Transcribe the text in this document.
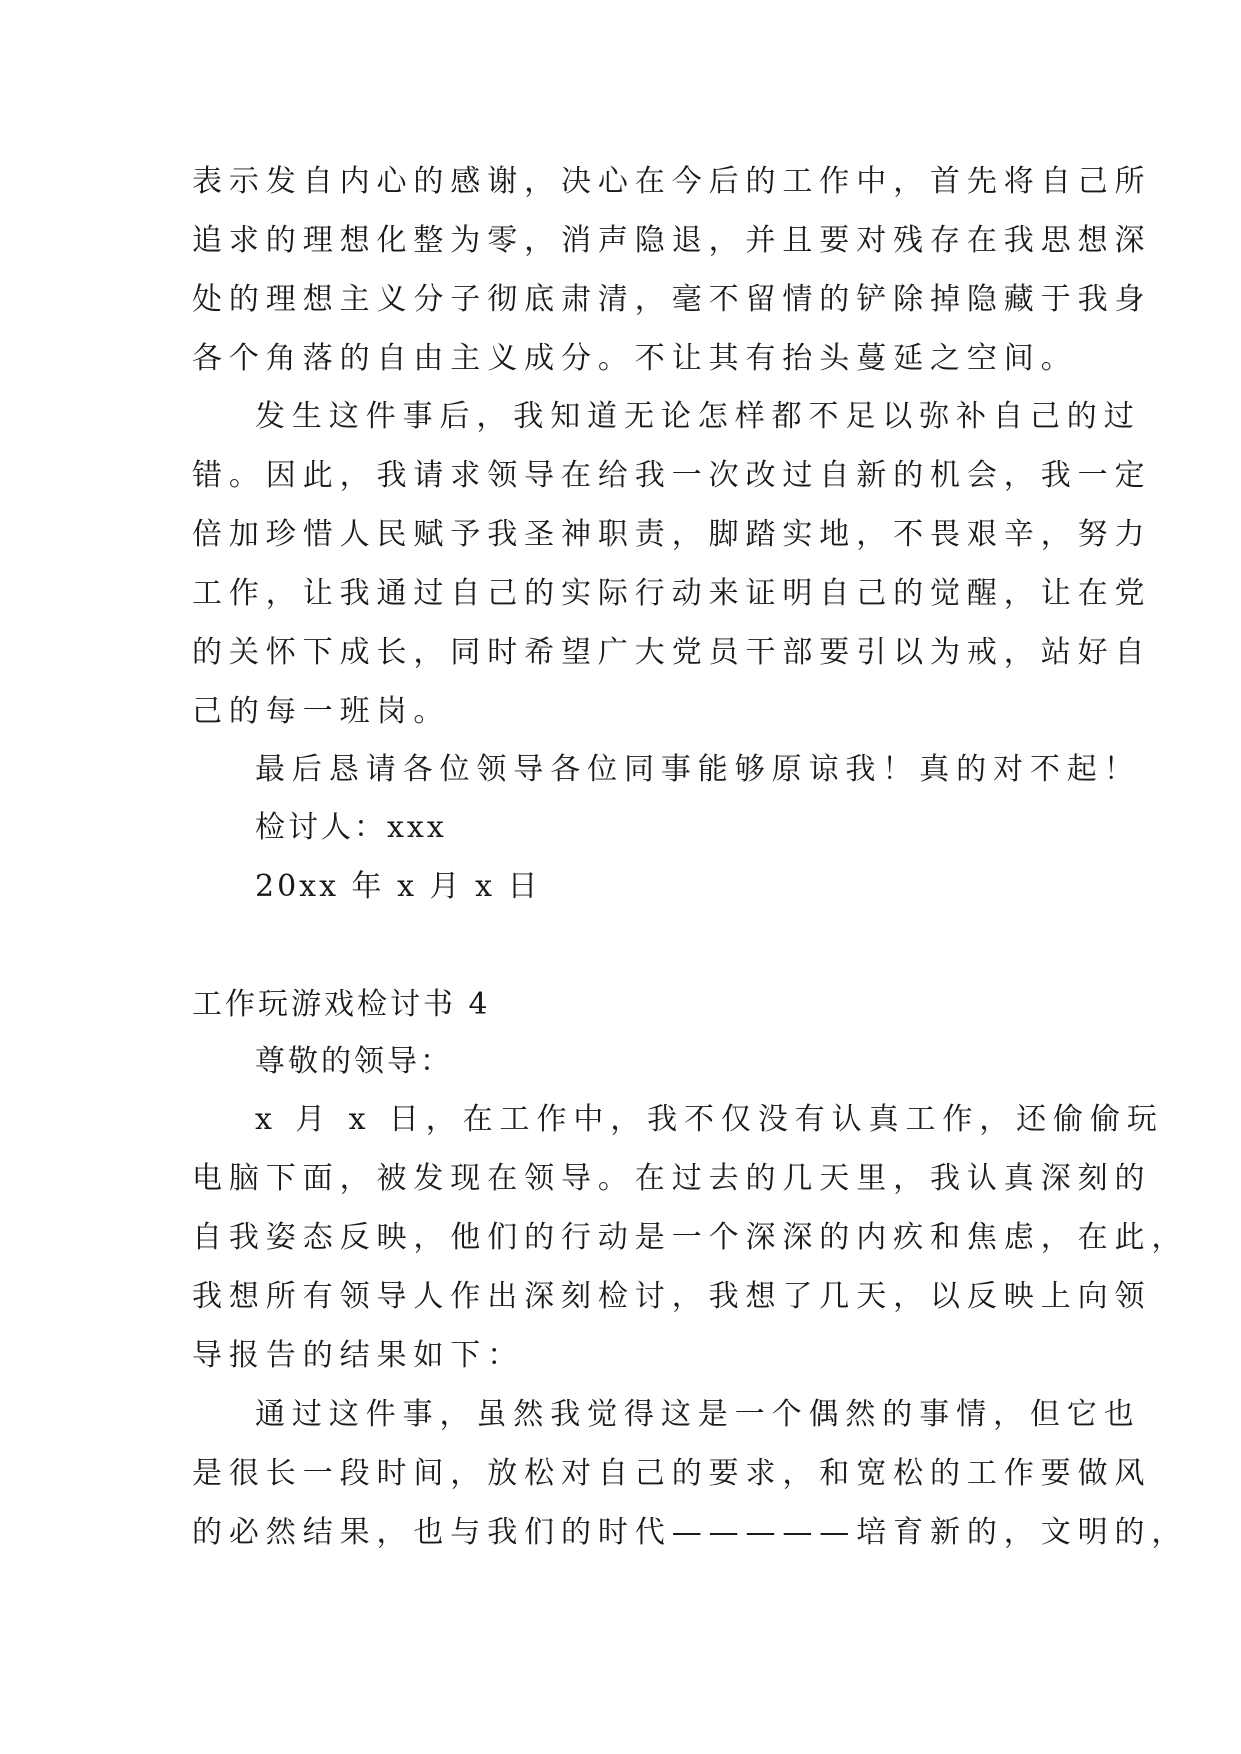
表示发自内心的感谢，决心在今后的工作中，首先将自己所
追求的理想化整为零，消声隐退，并且要对残存在我思想深
处的理想主义分子彻底肃清，毫不留情的铲除掉隐藏于我身
各个角落的自由主义成分。不让其有抬头蔓延之空间。
发生这件事后，我知道无论怎样都不足以弥补自己的过
错。因此，我请求领导在给我一次改过自新的机会，我一定
倍加珍惜人民赋予我圣神职责，脚踏实地，不畏艰辛，努力
工作，让我通过自己的实际行动来证明自己的觉醒，让在党
的关怀下成长，同时希望广大党员干部要引以为戒，站好自
己的每一班岗。
最后恳请各位领导各位同事能够原谅我！真的对不起！
检讨人：xxx
20xx 年 x 月 x 日
工作玩游戏检讨书 4
尊敬的领导：
x 月 x 日，在工作中，我不仅没有认真工作，还偷偷玩
电脑下面，被发现在领导。在过去的几天里，我认真深刻的
自我姿态反映，他们的行动是一个深深的内疚和焦虑，在此，
我想所有领导人作出深刻检讨，我想了几天，以反映上向领
导报告的结果如下：
通过这件事，虽然我觉得这是一个偶然的事情，但它也
是很长一段时间，放松对自己的要求，和宽松的工作要做风
的必然结果，也与我们的时代—————培育新的，文明的，
